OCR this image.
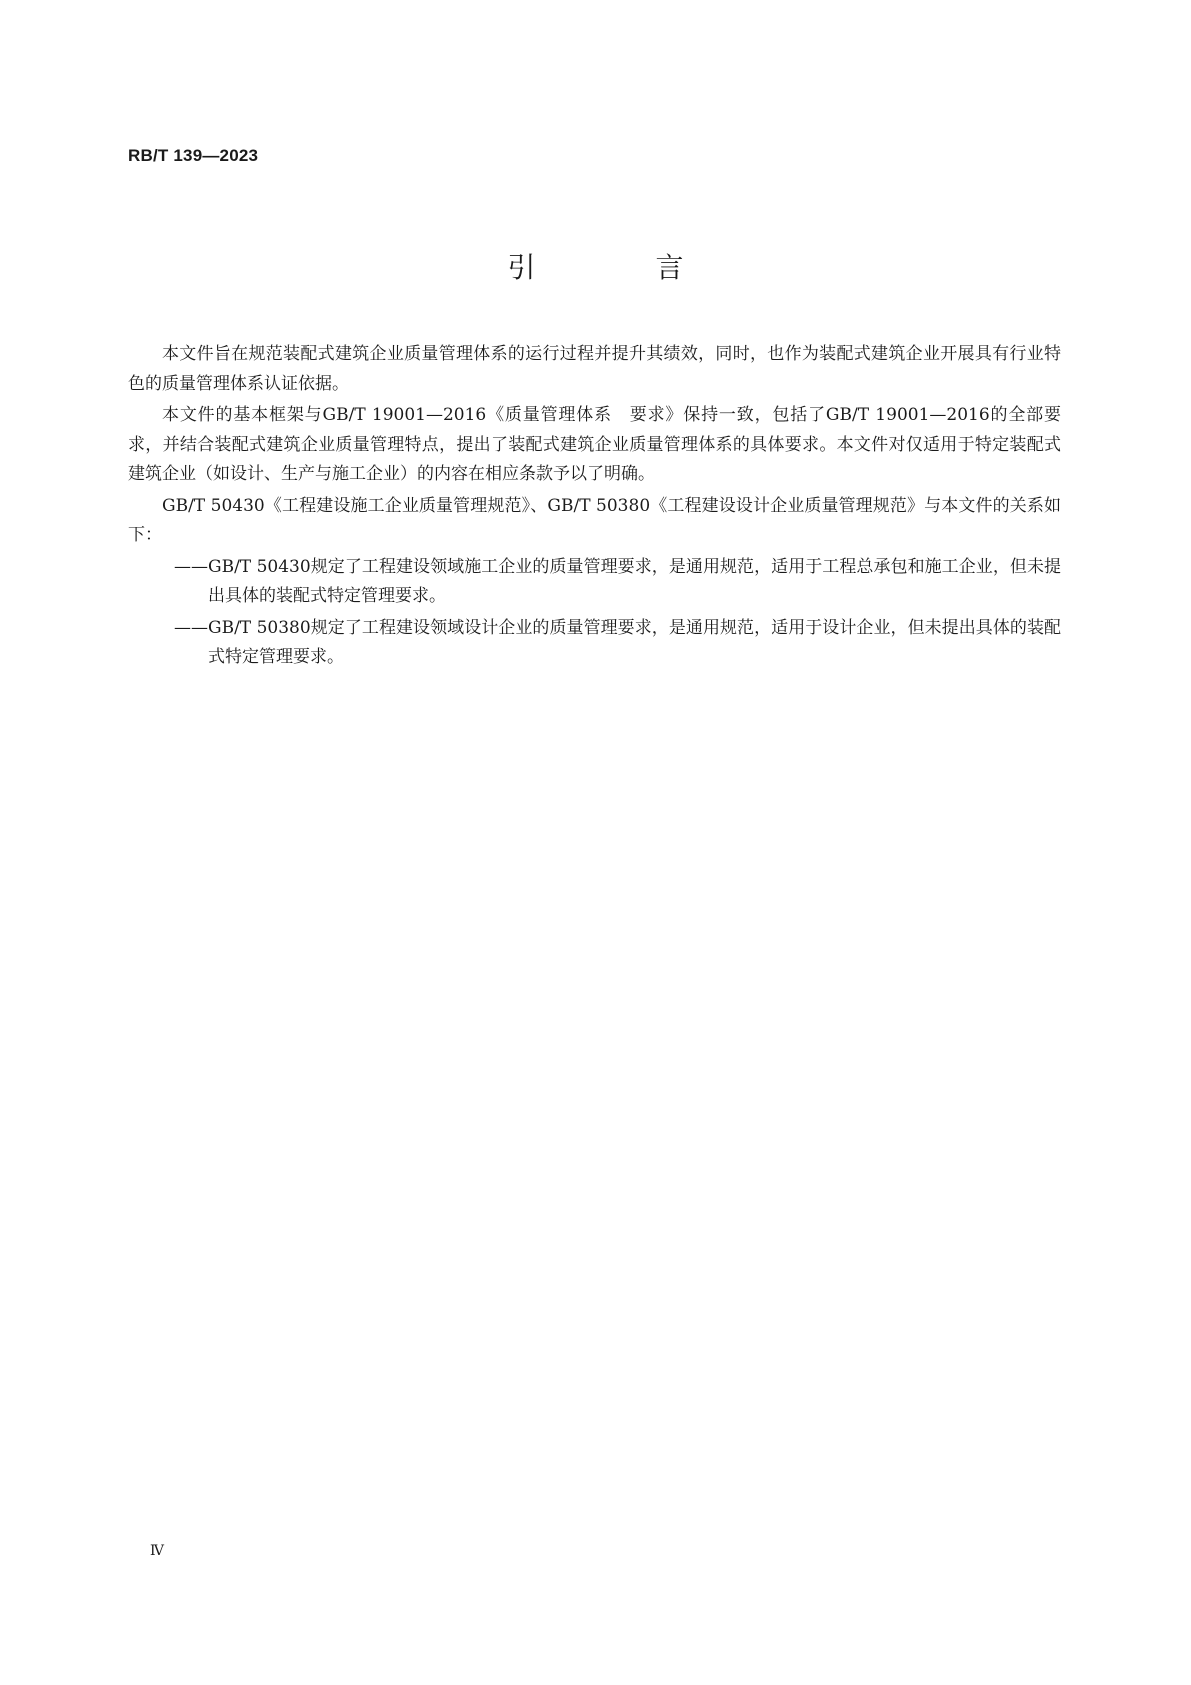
RB/T 139—2023
引　言

本文件旨在规范装配式建筑企业质量管理体系的运行过程并提升其绩效，同时，也作为装配式建筑企业开展具有行业特色的质量管理体系认证依据。

本文件的基本框架与GB/T 19001—2016《质量管理体系　要求》保持一致，包括了GB/T 19001—2016的全部要求，并结合装配式建筑企业质量管理特点，提出了装配式建筑企业质量管理体系的具体要求。本文件对仅适用于特定装配式建筑企业（如设计、生产与施工企业）的内容在相应条款予以了明确。

GB/T 50430《工程建设施工企业质量管理规范》、GB/T 50380《工程建设设计企业质量管理规范》与本文件的关系如下：

——GB/T 50430规定了工程建设领域施工企业的质量管理要求，是通用规范，适用于工程总承包和施工企业，但未提出具体的装配式特定管理要求。

——GB/T 50380规定了工程建设领域设计企业的质量管理要求，是通用规范，适用于设计企业，但未提出具体的装配式特定管理要求。

Ⅳ
